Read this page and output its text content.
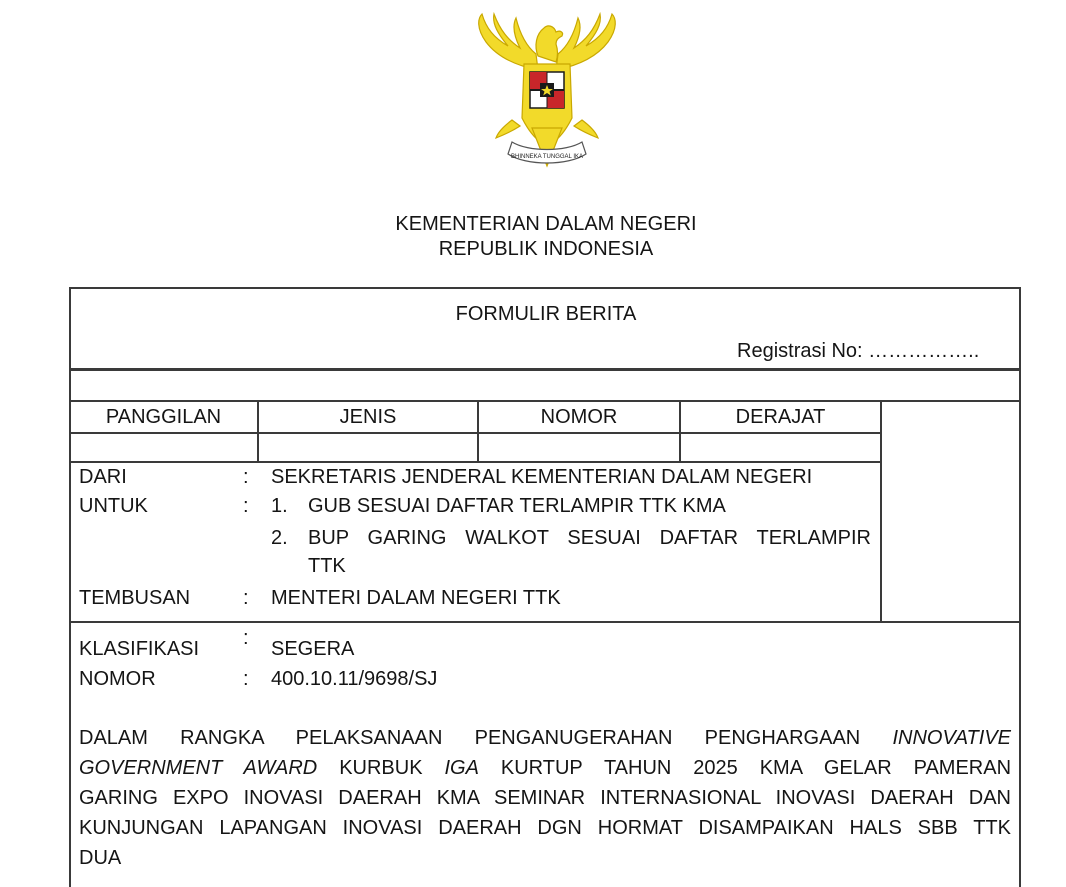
BHINNEKA TUNGGAL IKA
KEMENTERIAN DALAM NEGERI
REPUBLIK INDONESIA
FORMULIR BERITA
Registrasi No: ……………..
PANGGILAN	JENIS	NOMOR	DERAJAT
DARI	: SEKRETARIS JENDERAL KEMENTERIAN DALAM NEGERI
UNTUK	: 1. GUB SESUAI DAFTAR TERLAMPIR TTK KMA
2. BUP GARING WALKOT SESUAI DAFTAR TERLAMPIR
TTK
TEMBUSAN	: MENTERI DALAM NEGERI TTK
KLASIFIKASI : SEGERA
NOMOR	: 400.10.11/9698/SJ
DALAM RANGKA PELAKSANAAN PENGANUGERAHAN PENGHARGAAN INNOVATIVE
GOVERNMENT AWARD KURBUK IGA KURTUP TAHUN 2025 KMA GELAR PAMERAN
GARING EXPO INOVASI DAERAH KMA SEMINAR INTERNASIONAL INOVASI DAERAH DAN
KUNJUNGAN LAPANGAN INOVASI DAERAH DGN HORMAT DISAMPAIKAN HALS SBB TTK
DUA
